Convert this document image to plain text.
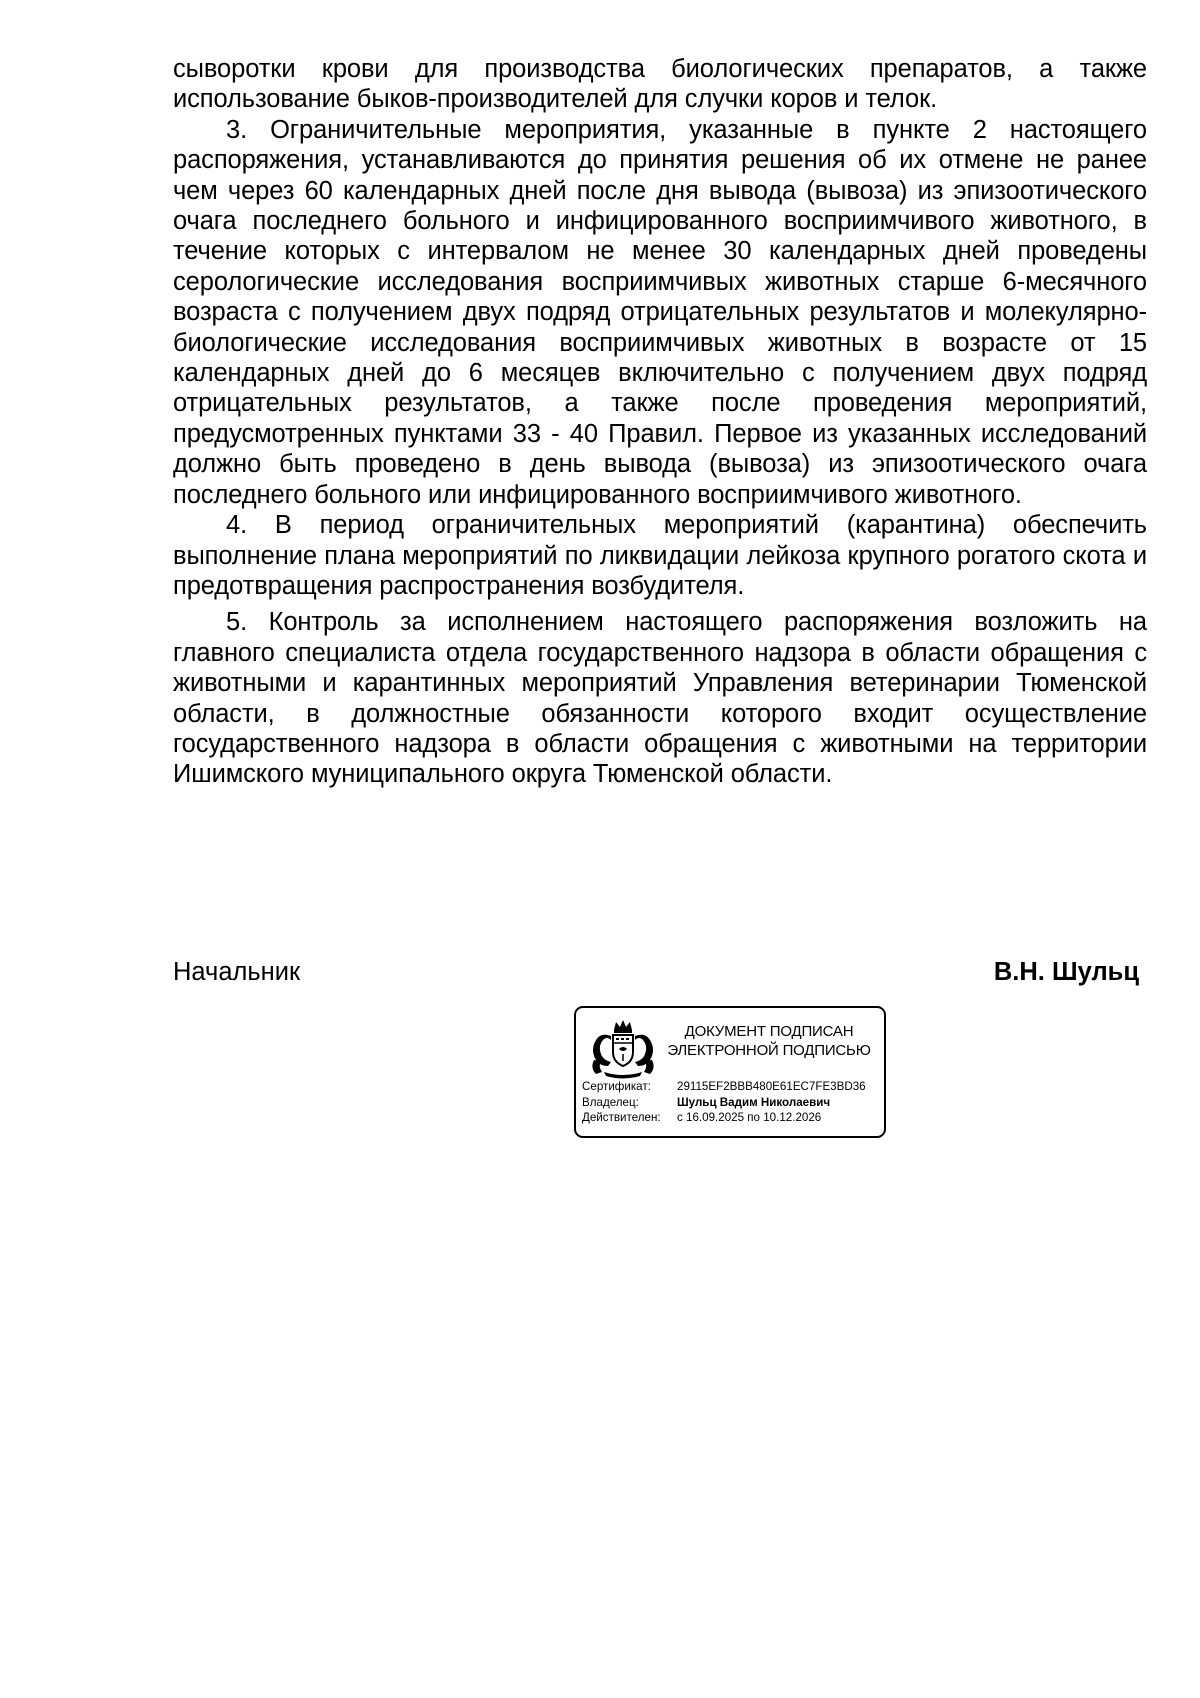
сыворотки крови для производства биологических препаратов, а также использование быков-производителей для случки коров и телок.

3. Ограничительные мероприятия, указанные в пункте 2 настоящего распоряжения, устанавливаются до принятия решения об их отмене не ранее чем через 60 календарных дней после дня вывода (вывоза) из эпизоотического очага последнего больного и инфицированного восприимчивого животного, в течение которых с интервалом не менее 30 календарных дней проведены серологические исследования восприимчивых животных старше 6-месячного возраста с получением двух подряд отрицательных результатов и молекулярно-биологические исследования восприимчивых животных в возрасте от 15 календарных дней до 6 месяцев включительно с получением двух подряд отрицательных результатов, а также после проведения мероприятий, предусмотренных пунктами 33 - 40 Правил. Первое из указанных исследований должно быть проведено в день вывода (вывоза) из эпизоотического очага последнего больного или инфицированного восприимчивого животного.

4. В период ограничительных мероприятий (карантина) обеспечить выполнение плана мероприятий по ликвидации лейкоза крупного рогатого скота и предотвращения распространения возбудителя.

5. Контроль за исполнением настоящего распоряжения возложить на главного специалиста отдела государственного надзора в области обращения с животными и карантинных мероприятий Управления ветеринарии Тюменской области, в должностные обязанности которого входит осуществление государственного надзора в области обращения с животными на территории Ишимского муниципального округа Тюменской области.

Начальник	В.Н. Шульц
ДОКУМЕНТ ПОДПИСАН
ЭЛЕКТРОННОЙ ПОДПИСЬЮ
Сертификат:	29115EF2BBB480E61EC7FE3BD36
Владелец:	Шульц Вадим Николаевич
Действителен:	с 16.09.2025 по 10.12.2026
